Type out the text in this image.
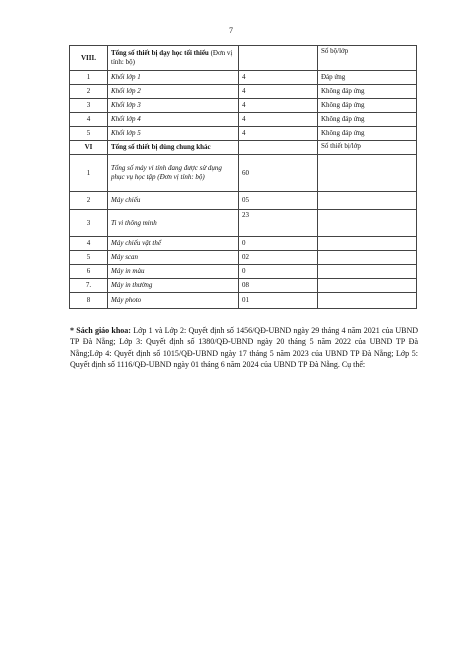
7
VIII.	Tổng số thiết bị dạy học tối thiểu (Đơn vị tính: bộ)		Số bộ/lớp
1	Khối lớp 1	4	Đáp ứng
2	Khối lớp 2	4	Không đáp ứng
3	Khối lớp 3	4	Không đáp ứng
4	Khối lớp 4	4	Không đáp ứng
5	Khối lớp 5	4	Không đáp ứng
VI	Tổng số thiết bị dùng chung khác		Số thiết bị/lớp
1	Tổng số máy vi tính đang được sử dụng phục vụ học tập (Đơn vị tính: bộ)	60	
2	Máy chiếu	05	
3	Ti vi thông minh	23	
4	Máy chiếu vật thể	0	
5	Máy scan	02	
6	Máy in màu	0	
7.	Máy in thường	08	
8	Máy photo	01	
* Sách giáo khoa: Lớp 1 và Lớp 2: Quyết định số 1456/QĐ-UBND ngày 29 tháng 4 năm 2021 của UBND TP Đà Nẵng; Lớp 3: Quyết định số 1380/QĐ-UBND ngày 20 tháng 5 năm 2022 của UBND TP Đà Nẵng;Lớp 4: Quyết định số 1015/QĐ-UBND ngày 17 tháng 5 năm 2023 của UBND TP Đà Nẵng; Lớp 5: Quyết định số 1116/QĐ-UBND ngày 01 tháng 6 năm 2024 của UBND TP Đà Nẵng. Cụ thể:
